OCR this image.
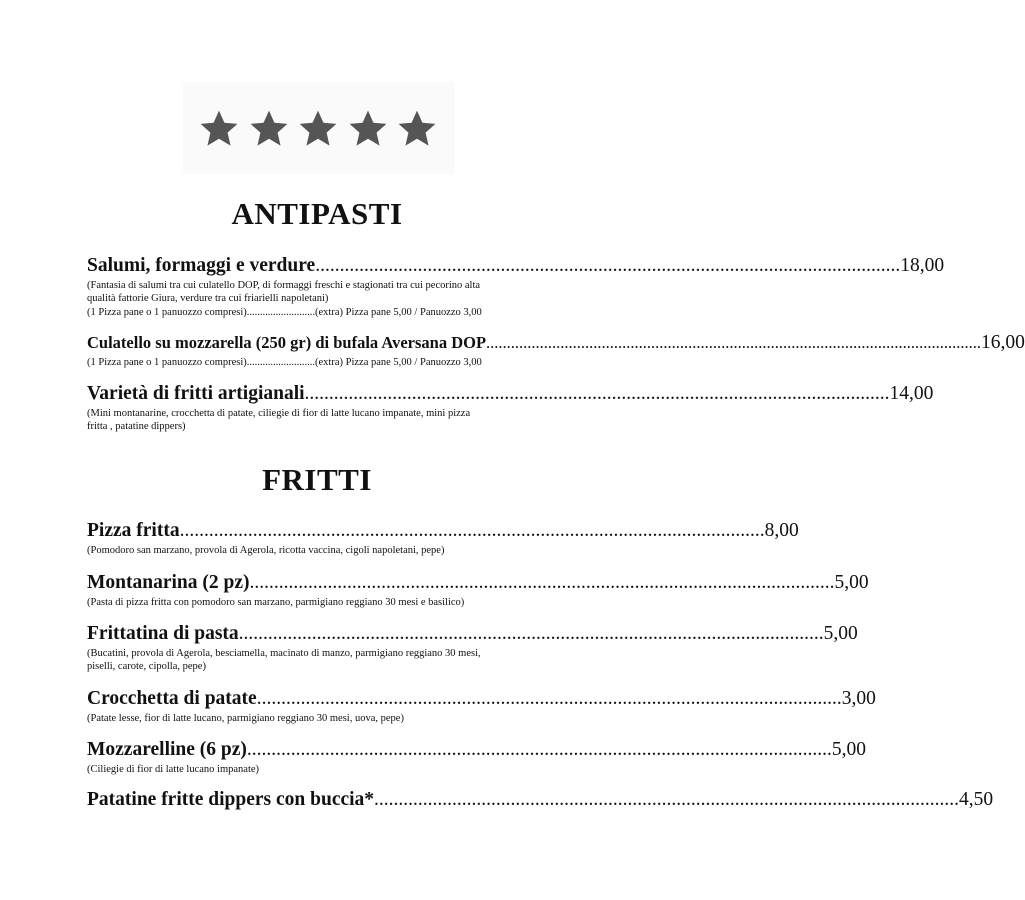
ANTIPASTI
Salumi, formaggi e verdure ........................................................................................................................ 18,00
(Fantasia di salumi tra cui culatello DOP, di formaggi freschi e stagionati tra cui pecorino alta
qualità fattorie Giura, verdure tra cui friarielli napoletani)
(1 Pizza pane o 1 panuozzo compresi)..........................(extra) Pizza pane 5,00 / Panuozzo 3,00
Culatello su mozzarella (250 gr) di bufala Aversana DOP ........................................................................................................................ 16,00
(1 Pizza pane o 1 panuozzo compresi)..........................(extra) Pizza pane 5,00 / Panuozzo 3,00
Varietà di fritti artigianali ........................................................................................................................ 14,00
(Mini montanarine, crocchetta di patate, ciliegie di fior di latte lucano impanate, mini pizza
fritta , patatine dippers)
FRITTI
Pizza fritta ........................................................................................................................ 8,00
(Pomodoro san marzano, provola di Agerola, ricotta vaccina, cigoli napoletani, pepe)
Montanarina (2 pz) ........................................................................................................................ 5,00
(Pasta di pizza fritta con pomodoro san marzano, parmigiano reggiano 30 mesi e basilico)
Frittatina di pasta ........................................................................................................................ 5,00
(Bucatini, provola di Agerola, besciamella, macinato di manzo, parmigiano reggiano 30 mesi,
piselli, carote, cipolla, pepe)
Crocchetta di patate ........................................................................................................................ 3,00
(Patate lesse, fior di latte lucano, parmigiano reggiano 30 mesi, uova, pepe)
Mozzarelline (6 pz) ........................................................................................................................ 5,00
(Ciliegie di fior di latte lucano impanate)
Patatine fritte dippers con buccia* ........................................................................................................................ 4,50
